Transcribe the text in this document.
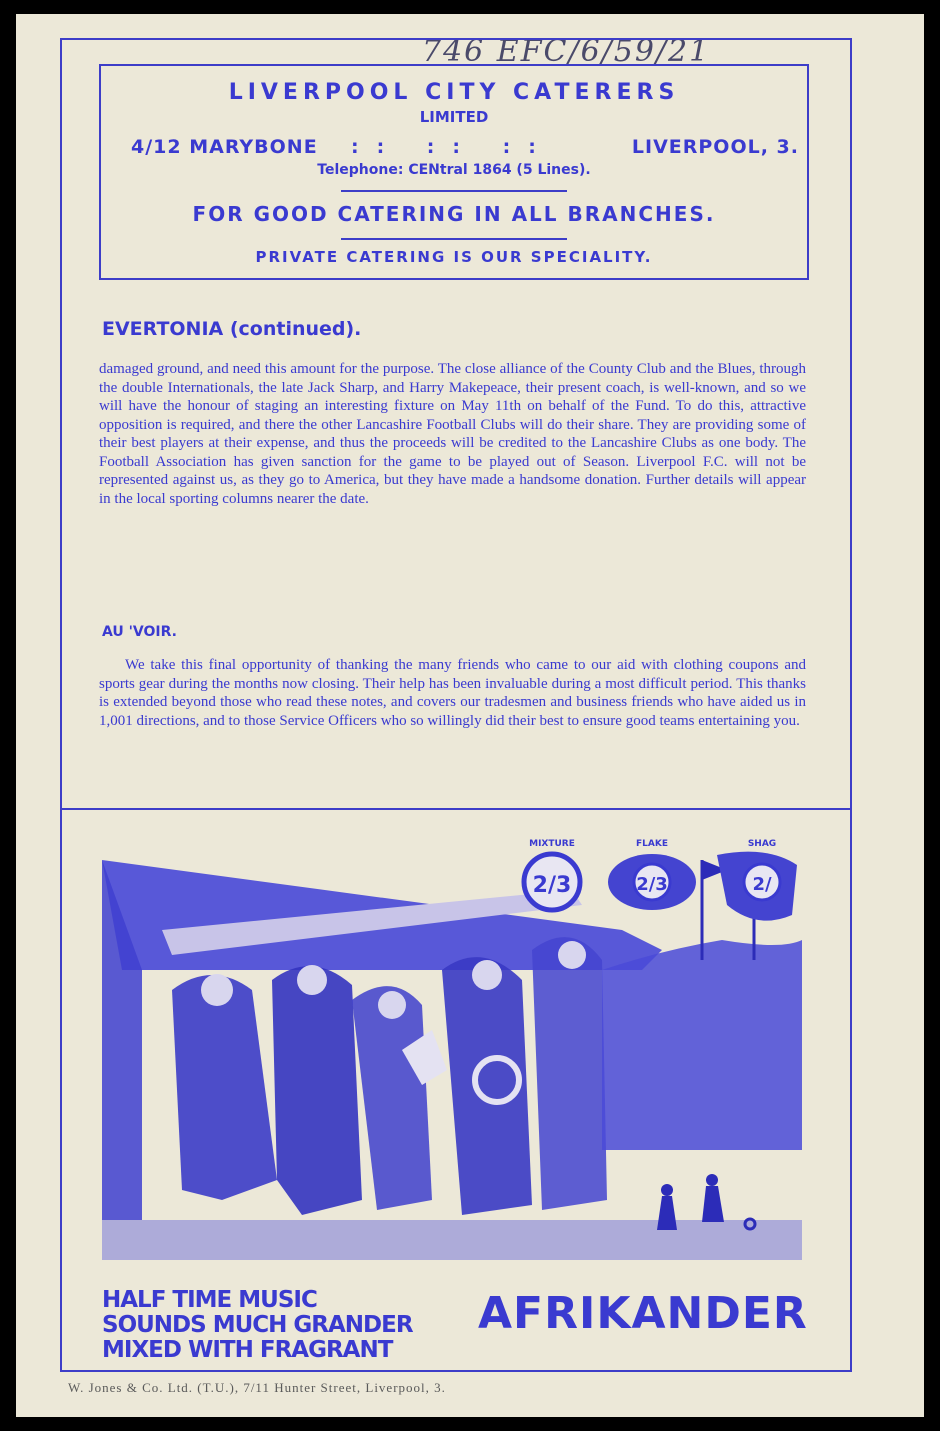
746 EFC/6/59/21
LIVERPOOL CITY CATERERS
LIMITED
4/12 MARYBONE :: :: ::	LIVERPOOL, 3.
Telephone: CENtral 1864 (5 Lines).
FOR GOOD CATERING IN ALL BRANCHES.
PRIVATE CATERING IS OUR SPECIALITY.
EVERTONIA (continued).
damaged ground, and need this amount for the purpose. The close alliance of the County Club and the Blues, through the double Internationals, the late Jack Sharp, and Harry Makepeace, their present coach, is well-known, and so we will have the honour of staging an interesting fixture on May 11th on behalf of the Fund. To do this, attractive opposition is required, and there the other Lancashire Football Clubs will do their share. They are providing some of their best players at their expense, and thus the proceeds will be credited to the Lancashire Clubs as one body. The Football Association has given sanction for the game to be played out of Season. Liverpool F.C. will not be represented against us, as they go to America, but they have made a handsome donation. Further details will appear in the local sporting columns nearer the date.
AU 'VOIR.
We take this final opportunity of thanking the many friends who came to our aid with clothing coupons and sports gear during the months now closing. Their help has been invaluable during a most difficult period. This thanks is extended beyond those who read these notes, and covers our tradesmen and business friends who have aided us in 1,001 directions, and to those Service Officers who so willingly did their best to ensure good teams entertaining you.
2/3
MIXTURE
2/3
FLAKE
2/
SHAG
HALF TIME MUSIC
SOUNDS MUCH GRANDER
MIXED WITH FRAGRANT
AFRIKANDER
W. Jones & Co. Ltd. (T.U.), 7/11 Hunter Street, Liverpool, 3.
